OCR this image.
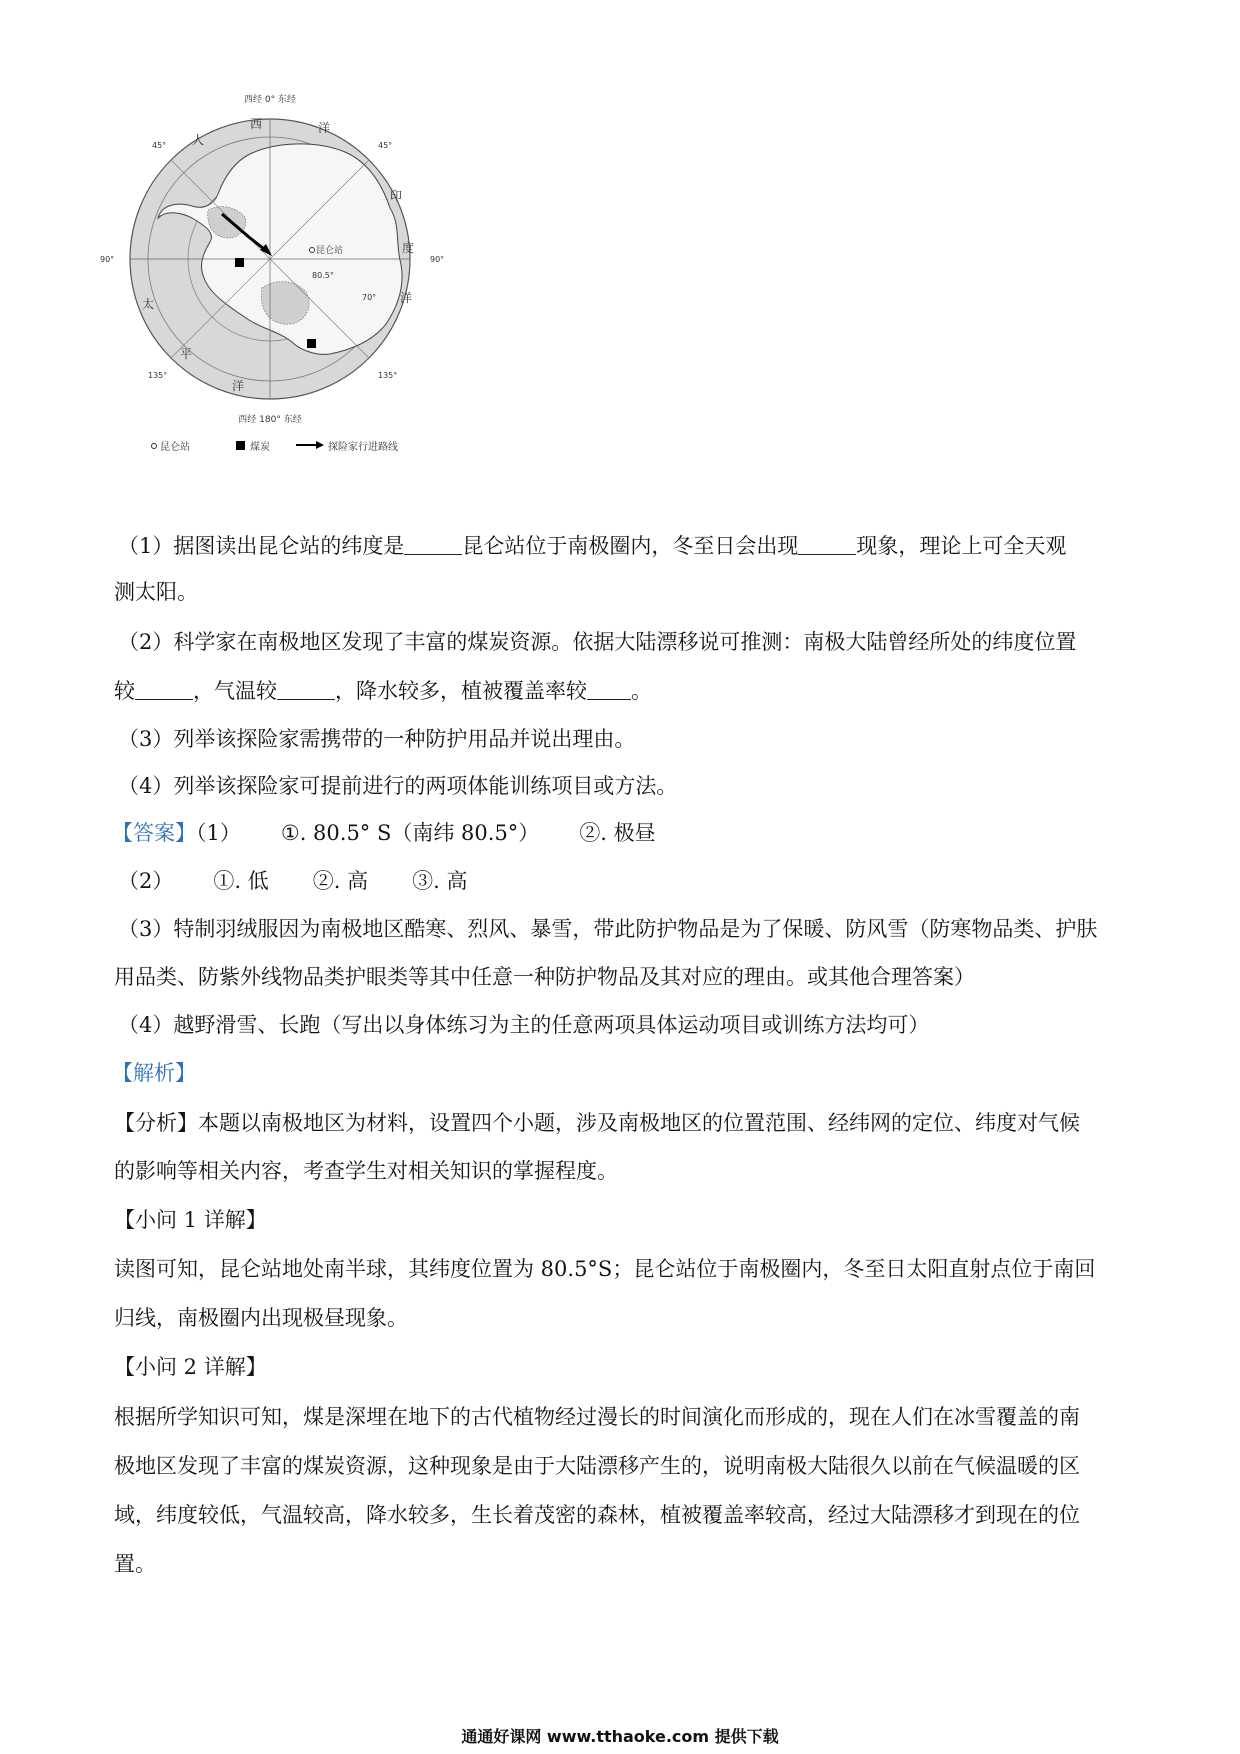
西经 0° 东经
西经 180° 东经
45°	45°
90°	90°
135°	135°
人
西	洋
印
度
洋
太
平
洋
昆仑站
80.5°
70°
昆仑站	煤炭	探险家行进路线
（1）据图读出昆仑站的纬度是	昆仑站位于南极圈内，冬至日会出现	现象，理论上可全天观
测太阳。
（2）科学家在南极地区发现了丰富的煤炭资源。依据大陆漂移说可推测：南极大陆曾经所处的纬度位置
较	，气温较	，降水较多，植被覆盖率较 。
（3）列举该探险家需携带的一种防护用品并说出理由。
（4）列举该探险家可提前进行的两项体能训练项目或方法。
【答案】（1） ①. 80.5° S（南纬 80.5°） ②. 极昼
（2） ①. 低 ②. 高 ③. 高
（3）特制羽绒服因为南极地区酷寒、烈风、暴雪，带此防护物品是为了保暖、防风雪（防寒物品类、护肤
用品类、防紫外线物品类护眼类等其中任意一种防护物品及其对应的理由。或其他合理答案）
（4）越野滑雪、长跑（写出以身体练习为主的任意两项具体运动项目或训练方法均可）
【解析】
【分析】本题以南极地区为材料，设置四个小题，涉及南极地区的位置范围、经纬网的定位、纬度对气候
的影响等相关内容，考查学生对相关知识的掌握程度。
【小问 1 详解】
读图可知，昆仑站地处南半球，其纬度位置为 80.5°S；昆仑站位于南极圈内，冬至日太阳直射点位于南回
归线，南极圈内出现极昼现象。
【小问 2 详解】
根据所学知识可知，煤是深埋在地下的古代植物经过漫长的时间演化而形成的，现在人们在冰雪覆盖的南
极地区发现了丰富的煤炭资源，这种现象是由于大陆漂移产生的，说明南极大陆很久以前在气候温暖的区
域，纬度较低，气温较高，降水较多，生长着茂密的森林，植被覆盖率较高，经过大陆漂移才到现在的位
置。
通通好课网 www.tthaoke.com 提供下载
